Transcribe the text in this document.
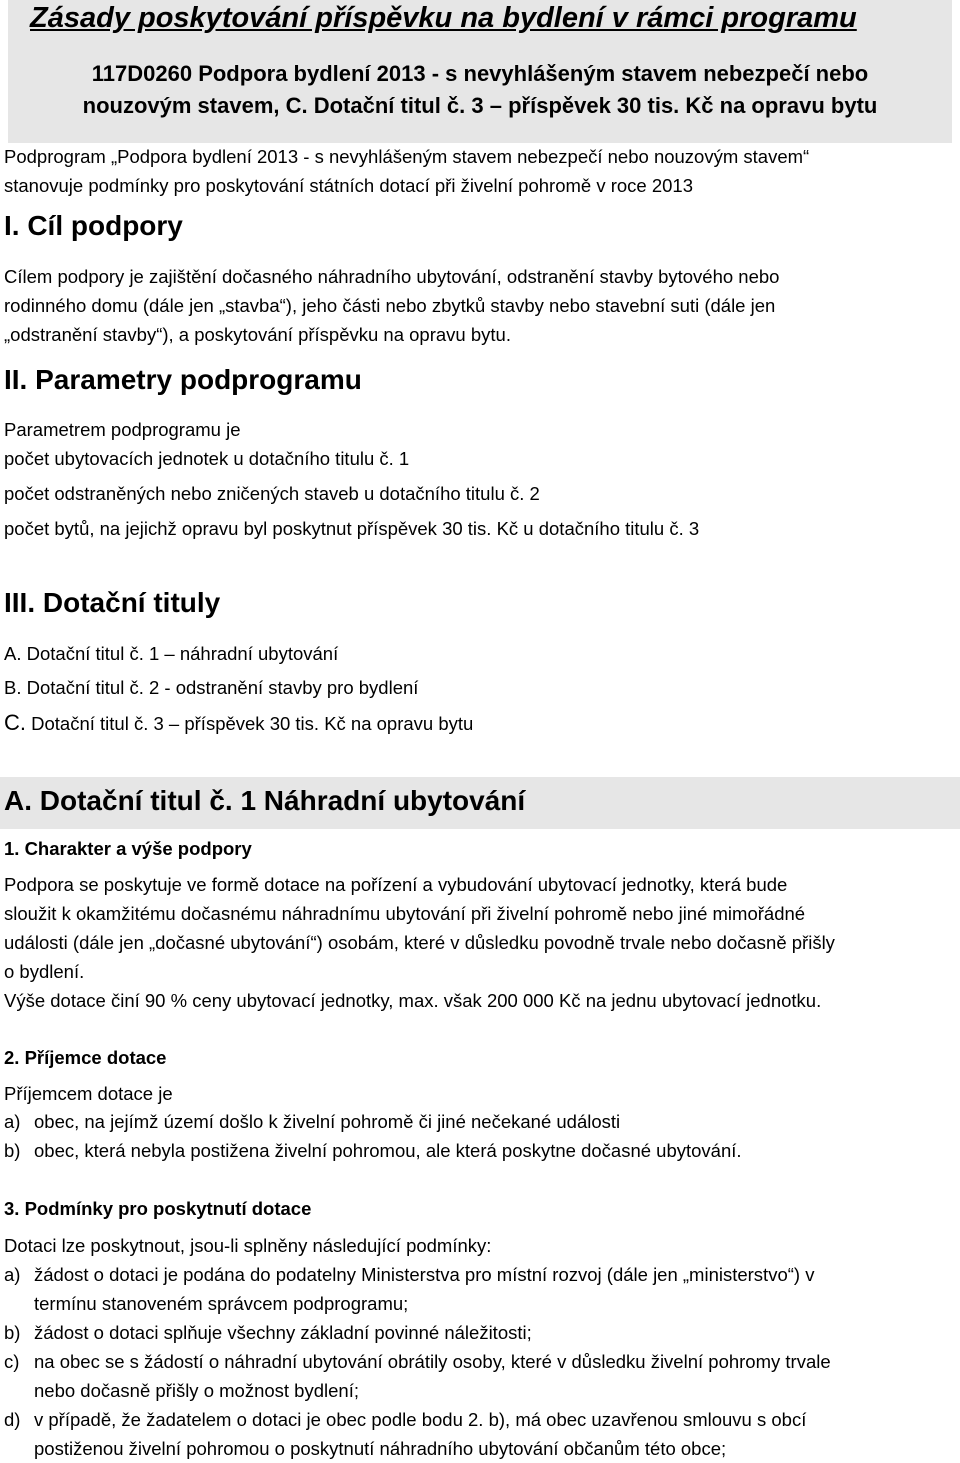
Zásady poskytování příspěvku na bydlení v rámci programu
117D0260 Podpora bydlení 2013 - s nevyhlášeným stavem nebezpečí nebo
nouzovým stavem, C. Dotační titul č. 3 – příspěvek 30 tis. Kč na opravu bytu
Podprogram „Podpora bydlení 2013 - s nevyhlášeným stavem nebezpečí nebo nouzovým stavem“
stanovuje podmínky pro poskytování státních dotací při živelní pohromě v roce 2013
I. Cíl podpory
Cílem podpory je zajištění dočasného náhradního ubytování, odstranění stavby bytového nebo
rodinného domu (dále jen „stavba“), jeho části nebo zbytků stavby nebo stavební suti (dále jen
„odstranění stavby“), a poskytování příspěvku na opravu bytu.
II. Parametry podprogramu
Parametrem podprogramu je
počet ubytovacích jednotek u dotačního titulu č. 1
počet odstraněných nebo zničených staveb u dotačního titulu č. 2
počet bytů, na jejichž opravu byl poskytnut příspěvek 30 tis. Kč u dotačního titulu č. 3
III. Dotační tituly
A. Dotační titul č. 1 – náhradní ubytování
B. Dotační titul č. 2 - odstranění stavby pro bydlení
C. Dotační titul č. 3 – příspěvek 30 tis. Kč na opravu bytu
A. Dotační titul č. 1 Náhradní ubytování
1. Charakter a výše podpory
Podpora se poskytuje ve formě dotace na pořízení a vybudování ubytovací jednotky, která bude
sloužit k okamžitému dočasnému náhradnímu ubytování při živelní pohromě nebo jiné mimořádné
události (dále jen „dočasné ubytování“) osobám, které v důsledku povodně trvale nebo dočasně přišly
o bydlení.
Výše dotace činí 90 % ceny ubytovací jednotky, max. však 200 000 Kč na jednu ubytovací jednotku.
2. Příjemce dotace
Příjemcem dotace je
a) obec, na jejímž území došlo k živelní pohromě či jiné nečekané události
b) obec, která nebyla postižena živelní pohromou, ale která poskytne dočasné ubytování.
3. Podmínky pro poskytnutí dotace
Dotaci lze poskytnout, jsou-li splněny následující podmínky:
a) žádost o dotaci je podána do podatelny Ministerstva pro místní rozvoj (dále jen „ministerstvo“) v
termínu stanoveném správcem podprogramu;
b) žádost o dotaci splňuje všechny základní povinné náležitosti;
c) na obec se s žádostí o náhradní ubytování obrátily osoby, které v důsledku živelní pohromy trvale
nebo dočasně přišly o možnost bydlení;
d) v případě, že žadatelem o dotaci je obec podle bodu 2. b), má obec uzavřenou smlouvu s obcí
postiženou živelní pohromou o poskytnutí náhradního ubytování občanům této obce;
